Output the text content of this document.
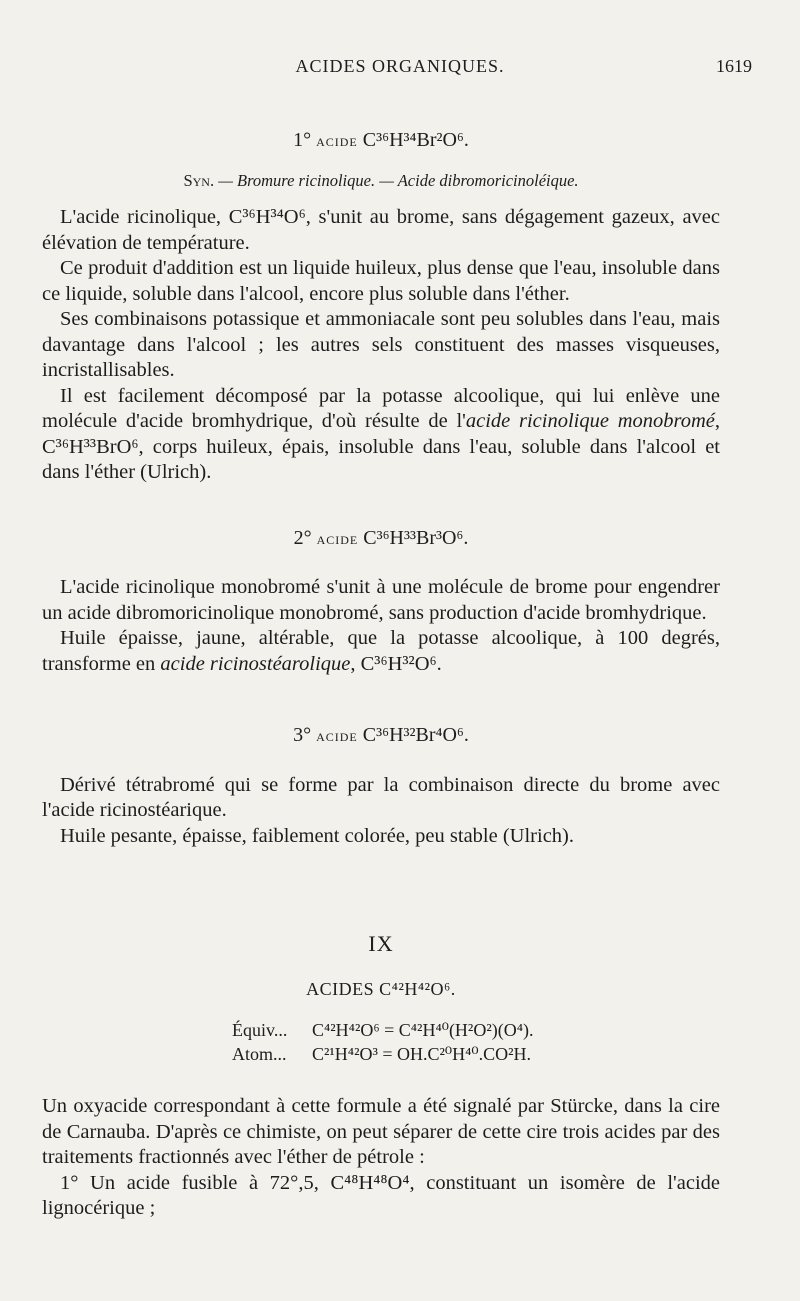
ACIDES ORGANIQUES.	1619
1° acide C³⁶H³⁴Br²O⁶.
Syn. — Bromure ricinolique. — Acide dibromoricinoléique.

L'acide ricinolique, C³⁶H³⁴O⁶, s'unit au brome, sans dégagement gazeux, avec élévation de température.

Ce produit d'addition est un liquide huileux, plus dense que l'eau, insoluble dans ce liquide, soluble dans l'alcool, encore plus soluble dans l'éther.

Ses combinaisons potassique et ammoniacale sont peu solubles dans l'eau, mais davantage dans l'alcool ; les autres sels constituent des masses visqueuses, incristallisables.

Il est facilement décomposé par la potasse alcoolique, qui lui enlève une molécule d'acide bromhydrique, d'où résulte de l'acide ricinolique monobromé, C³⁶H³³BrO⁶, corps huileux, épais, insoluble dans l'eau, soluble dans l'alcool et dans l'éther (Ulrich).

2° acide C³⁶H³³Br³O⁶.

L'acide ricinolique monobromé s'unit à une molécule de brome pour engendrer un acide dibromoricinolique monobromé, sans production d'acide bromhydrique.

Huile épaisse, jaune, altérable, que la potasse alcoolique, à 100 degrés, transforme en acide ricinostéarolique, C³⁶H³²O⁶.

3° acide C³⁶H³²Br⁴O⁶.

Dérivé tétrabromé qui se forme par la combinaison directe du brome avec l'acide ricinostéarique.

Huile pesante, épaisse, faiblement colorée, peu stable (Ulrich).

IX
ACIDES C⁴²H⁴²O⁶.
Équiv...	C⁴²H⁴²O⁶ = C⁴²H⁴⁰(H²O²)(O⁴).
Atom...	C²¹H⁴²O³ = OH.C²⁰H⁴⁰.CO²H.

Un oxyacide correspondant à cette formule a été signalé par Stürcke, dans la cire de Carnauba. D'après ce chimiste, on peut séparer de cette cire trois acides par des traitements fractionnés avec l'éther de pétrole :

1° Un acide fusible à 72°,5, C⁴⁸H⁴⁸O⁴, constituant un isomère de l'acide lignocérique ;
